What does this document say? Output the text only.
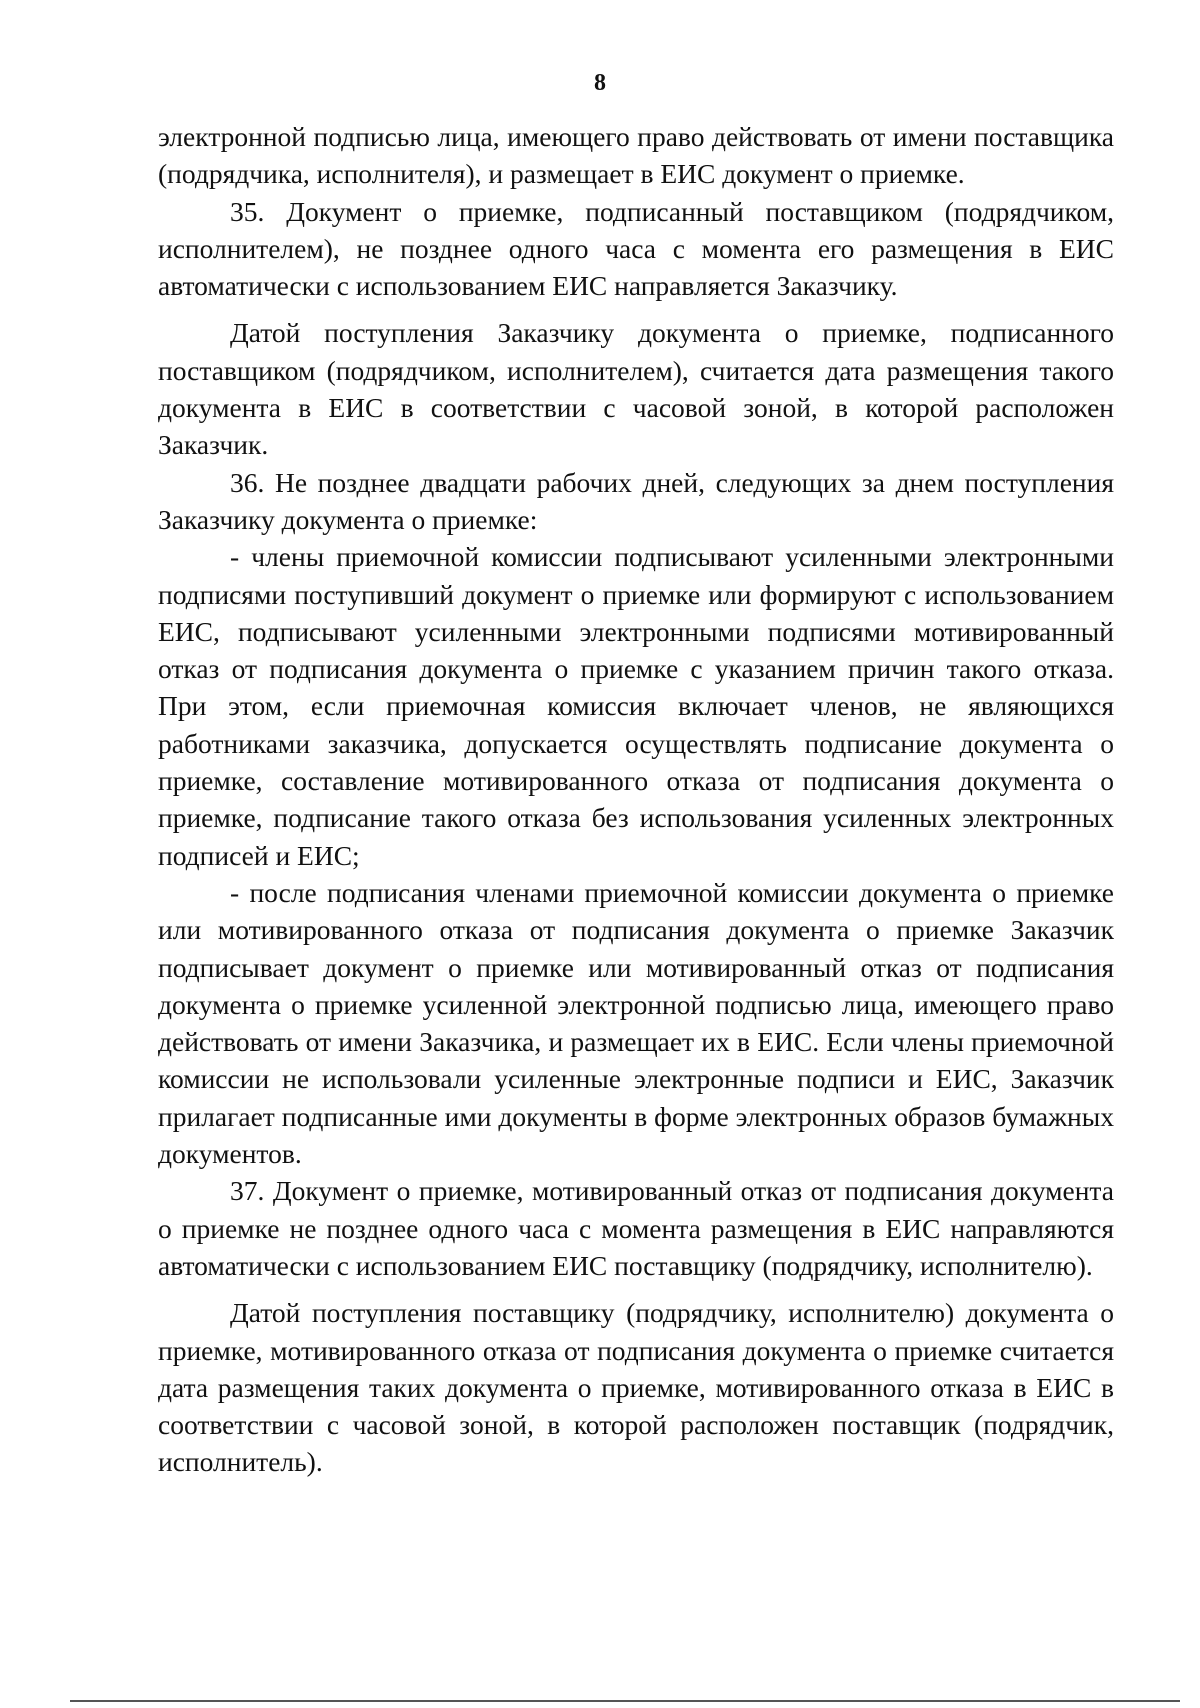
8

электронной подписью лица, имеющего право действовать от имени поставщика (подрядчика, исполнителя), и размещает в ЕИС документ о приемке.

35. Документ о приемке, подписанный поставщиком (подрядчиком, исполнителем), не позднее одного часа с момента его размещения в ЕИС автоматически с использованием ЕИС направляется Заказчику.

Датой поступления Заказчику документа о приемке, подписанного поставщиком (подрядчиком, исполнителем), считается дата размещения такого документа в ЕИС в соответствии с часовой зоной, в которой расположен Заказчик.

36. Не позднее двадцати рабочих дней, следующих за днем поступления Заказчику документа о приемке:

- члены приемочной комиссии подписывают усиленными электронными подписями поступивший документ о приемке или формируют с использованием ЕИС, подписывают усиленными электронными подписями мотивированный отказ от подписания документа о приемке с указанием причин такого отказа. При этом, если приемочная комиссия включает членов, не являющихся работниками заказчика, допускается осуществлять подписание документа о приемке, составление мотивированного отказа от подписания документа о приемке, подписание такого отказа без использования усиленных электронных подписей и ЕИС;

- после подписания членами приемочной комиссии документа о приемке или мотивированного отказа от подписания документа о приемке Заказчик подписывает документ о приемке или мотивированный отказ от подписания документа о приемке усиленной электронной подписью лица, имеющего право действовать от имени Заказчика, и размещает их в ЕИС. Если члены приемочной комиссии не использовали усиленные электронные подписи и ЕИС, Заказчик прилагает подписанные ими документы в форме электронных образов бумажных документов.

37. Документ о приемке, мотивированный отказ от подписания документа о приемке не позднее одного часа с момента размещения в ЕИС направляются автоматически с использованием ЕИС поставщику (подрядчику, исполнителю).

Датой поступления поставщику (подрядчику, исполнителю) документа о приемке, мотивированного отказа от подписания документа о приемке считается дата размещения таких документа о приемке, мотивированного отказа в ЕИС в соответствии с часовой зоной, в которой расположен поставщик (подрядчик, исполнитель).
